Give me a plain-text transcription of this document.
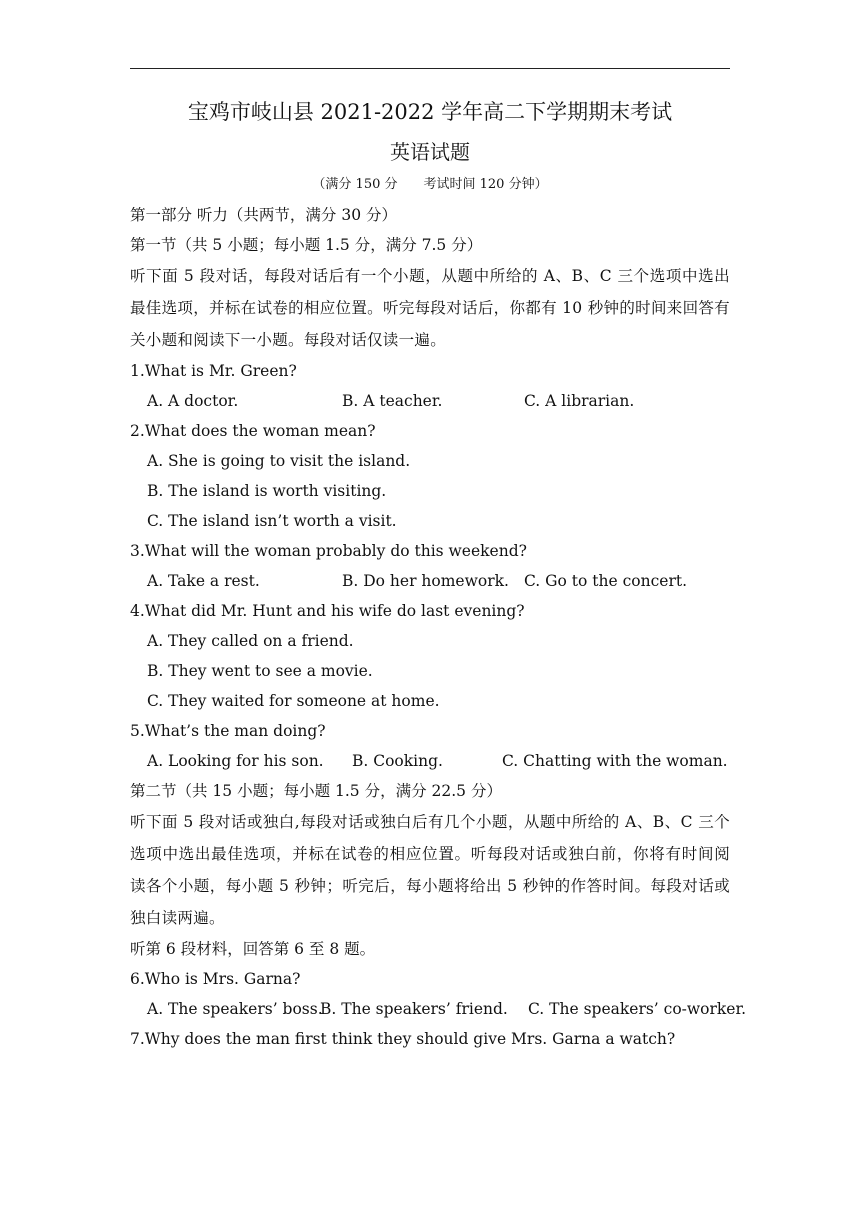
宝鸡市岐山县 2021-2022 学年高二下学期期末考试
英语试题
（满分 150 分　　考试时间 120 分钟）
第一部分 听力（共两节，满分 30 分）
第一节（共 5 小题；每小题 1.5 分，满分 7.5 分）
听下面 5 段对话，每段对话后有一个小题，从题中所给的 A、B、C 三个选项中选出最佳选项，并标在试卷的相应位置。听完每段对话后，你都有 10 秒钟的时间来回答有关小题和阅读下一小题。每段对话仅读一遍。
1.What is Mr. Green?
A. A doctor.	B. A teacher.	C. A librarian.
2.What does the woman mean?
A. She is going to visit the island.
B. The island is worth visiting.
C. The island isn’t worth a visit.
3.What will the woman probably do this weekend?
A. Take a rest.	B. Do her homework. C. Go to the concert.
4.What did Mr. Hunt and his wife do last evening?
A. They called on a friend.
B. They went to see a movie.
C. They waited for someone at home.
5.What’s the man doing?
A. Looking for his son. B. Cooking.	C. Chatting with the woman.
第二节（共 15 小题；每小题 1.5 分，满分 22.5 分）
听下面 5 段对话或独白,每段对话或独白后有几个小题，从题中所给的 A、B、C 三个选项中选出最佳选项，并标在试卷的相应位置。听每段对话或独白前，你将有时间阅读各个小题，每小题 5 秒钟；听完后，每小题将给出 5 秒钟的作答时间。每段对话或独白读两遍。
听第 6 段材料，回答第 6 至 8 题。
6.Who is Mrs. Garna?
A. The speakers’ boss.
B. The speakers’ friend. C. The speakers’ co-worker.
7.Why does the man first think they should give Mrs. Garna a watch?
